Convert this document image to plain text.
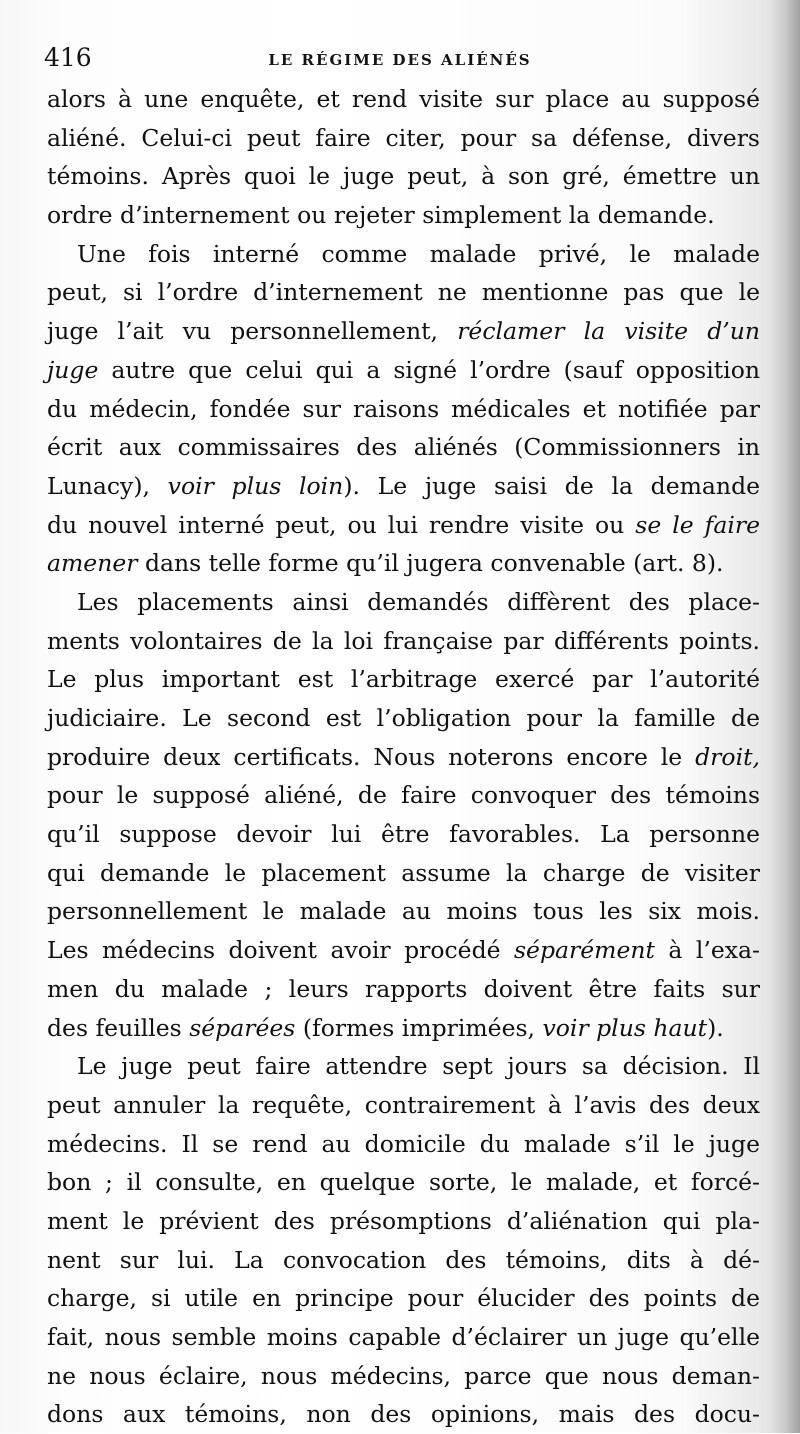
416	LE RÉGIME DES ALIÉNÉS
alors à une enquête, et rend visite sur place au supposé
aliéné. Celui-ci peut faire citer, pour sa défense, divers
témoins. Après quoi le juge peut, à son gré, émettre un
ordre d’internement ou rejeter simplement la demande.
Une fois interné comme malade privé, le malade
peut, si l’ordre d’internement ne mentionne pas que le
juge l’ait vu personnellement, réclamer la visite d’un
juge autre que celui qui a signé l’ordre (sauf opposition
du médecin, fondée sur raisons médicales et notifiée par
écrit aux commissaires des aliénés (Commissionners in
Lunacy), voir plus loin). Le juge saisi de la demande
du nouvel interné peut, ou lui rendre visite ou se le faire
amener dans telle forme qu’il jugera convenable (art. 8).
Les placements ainsi demandés diffèrent des place-
ments volontaires de la loi française par différents points.
Le plus important est l’arbitrage exercé par l’autorité
judiciaire. Le second est l’obligation pour la famille de
produire deux certificats. Nous noterons encore le droit,
pour le supposé aliéné, de faire convoquer des témoins
qu’il suppose devoir lui être favorables. La personne
qui demande le placement assume la charge de visiter
personnellement le malade au moins tous les six mois.
Les médecins doivent avoir procédé séparément à l’exa-
men du malade ; leurs rapports doivent être faits sur
des feuilles séparées (formes imprimées, voir plus haut).
Le juge peut faire attendre sept jours sa décision. Il
peut annuler la requête, contrairement à l’avis des deux
médecins. Il se rend au domicile du malade s’il le juge
bon ; il consulte, en quelque sorte, le malade, et forcé-
ment le prévient des présomptions d’aliénation qui pla-
nent sur lui. La convocation des témoins, dits à dé-
charge, si utile en principe pour élucider des points de
fait, nous semble moins capable d’éclairer un juge qu’elle
ne nous éclaire, nous médecins, parce que nous deman-
dons aux témoins, non des opinions, mais des docu-
